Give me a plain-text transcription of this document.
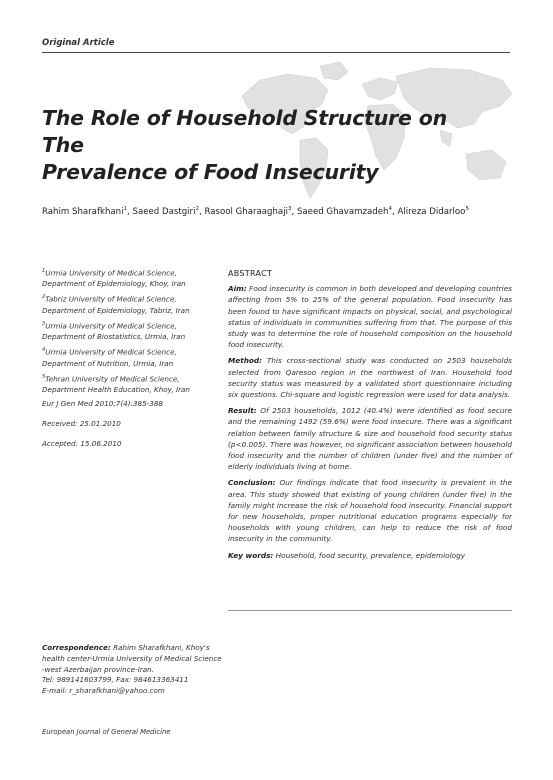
Original Article
The Role of Household Structure on The
Prevalence of Food Insecurity
Rahim Sharafkhani$^1$, Saeed Dastgiri$^2$, Rasool Gharaaghaji$^3$, Saeed Ghavamzadeh$^4$, Alireza Didarloo$^5$

$^1$Urmia University of Medical Science, Department of Epidemiology, Khoy, Iran

$^2$Tabriz University of Medical Science, Department of Epidemiology, Tabriz, Iran

$^3$Urmia University of Medical Science, Department of Biostatistics, Urmia, Iran

$^4$Urmia University of Medical Science, Department of Nutrition, Urmia, Iran

$^5$Tehran University of Medical Science, Department Health Education, Khoy, Iran

Eur J Gen Med 2010;7(4):385-388

Received: 25.01.2010

Accepted: 15.06.2010

ABSTRACT

Aim: Food insecurity is common in both developed and developing countries affecting from 5% to 25% of the general population. Food insecurity has been found to have significant impacts on physical, social, and psychological status of individuals in communities suffering from that. The purpose of this study was to determine the role of household composition on the household food insecurity.

Method: This cross-sectional study was conducted on 2503 households selected from Qaresoo region in the northwest of Iran. Household food security status was measured by a validated short questionnaire including six questions. Chi-square and logistic regression were used for data analysis.

Result: Of 2503 households, 1012 (40.4%) were identified as food secure and the remaining 1492 (59.6%) were food insecure. There was a significant relation between family structure & size and household food security status (p<0.005). There was however, no significant association between household food insecurity and the number of children (under five) and the number of elderly individuals living at home.

Conclusion: Our findings indicate that food insecurity is prevalent in the area. This study showed that existing of young children (under five) in the family might increase the risk of household food insecurity. Financial support for new households, proper nutritional education programs especially for households with young children, can help to reduce the risk of food insecurity in the community.

Key words: Household, food security, prevalence, epidemiology

Correspondence: Rahim Sharafkhani, Khoy's health center-Urmia University of Medical Science -west Azerbaijan province-Iran.
Tel: 989141603799, Fax: 984613363411
E-mail: r_sharafkhani@yahoo.com
European Journal of General Medicine
